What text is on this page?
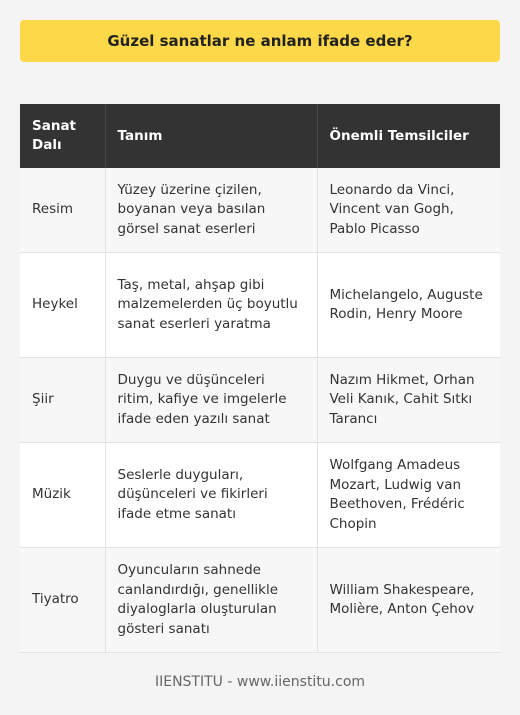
Güzel sanatlar ne anlam ifade eder?
Sanat Dalı	Tanım	Önemli Temsilciler
Resim	Yüzey üzerine çizilen, boyanan veya basılan görsel sanat eserleri	Leonardo da Vinci, Vincent van Gogh, Pablo Picasso
Heykel	Taş, metal, ahşap gibi malzemelerden üç boyutlu sanat eserleri yaratma	Michelangelo, Auguste Rodin, Henry Moore
Şiir	Duygu ve düşünceleri ritim, kafiye ve imgelerle ifade eden yazılı sanat	Nazım Hikmet, Orhan Veli Kanık, Cahit Sıtkı Tarancı
Müzik	Seslerle duyguları, düşünceleri ve fikirleri ifade etme sanatı	Wolfgang Amadeus Mozart, Ludwig van Beethoven, Frédéric Chopin
Tiyatro	Oyuncuların sahnede canlandırdığı, genellikle diyaloglarla oluşturulan gösteri sanatı	William Shakespeare, Molière, Anton Çehov
IIENSTITU - www.iienstitu.com
